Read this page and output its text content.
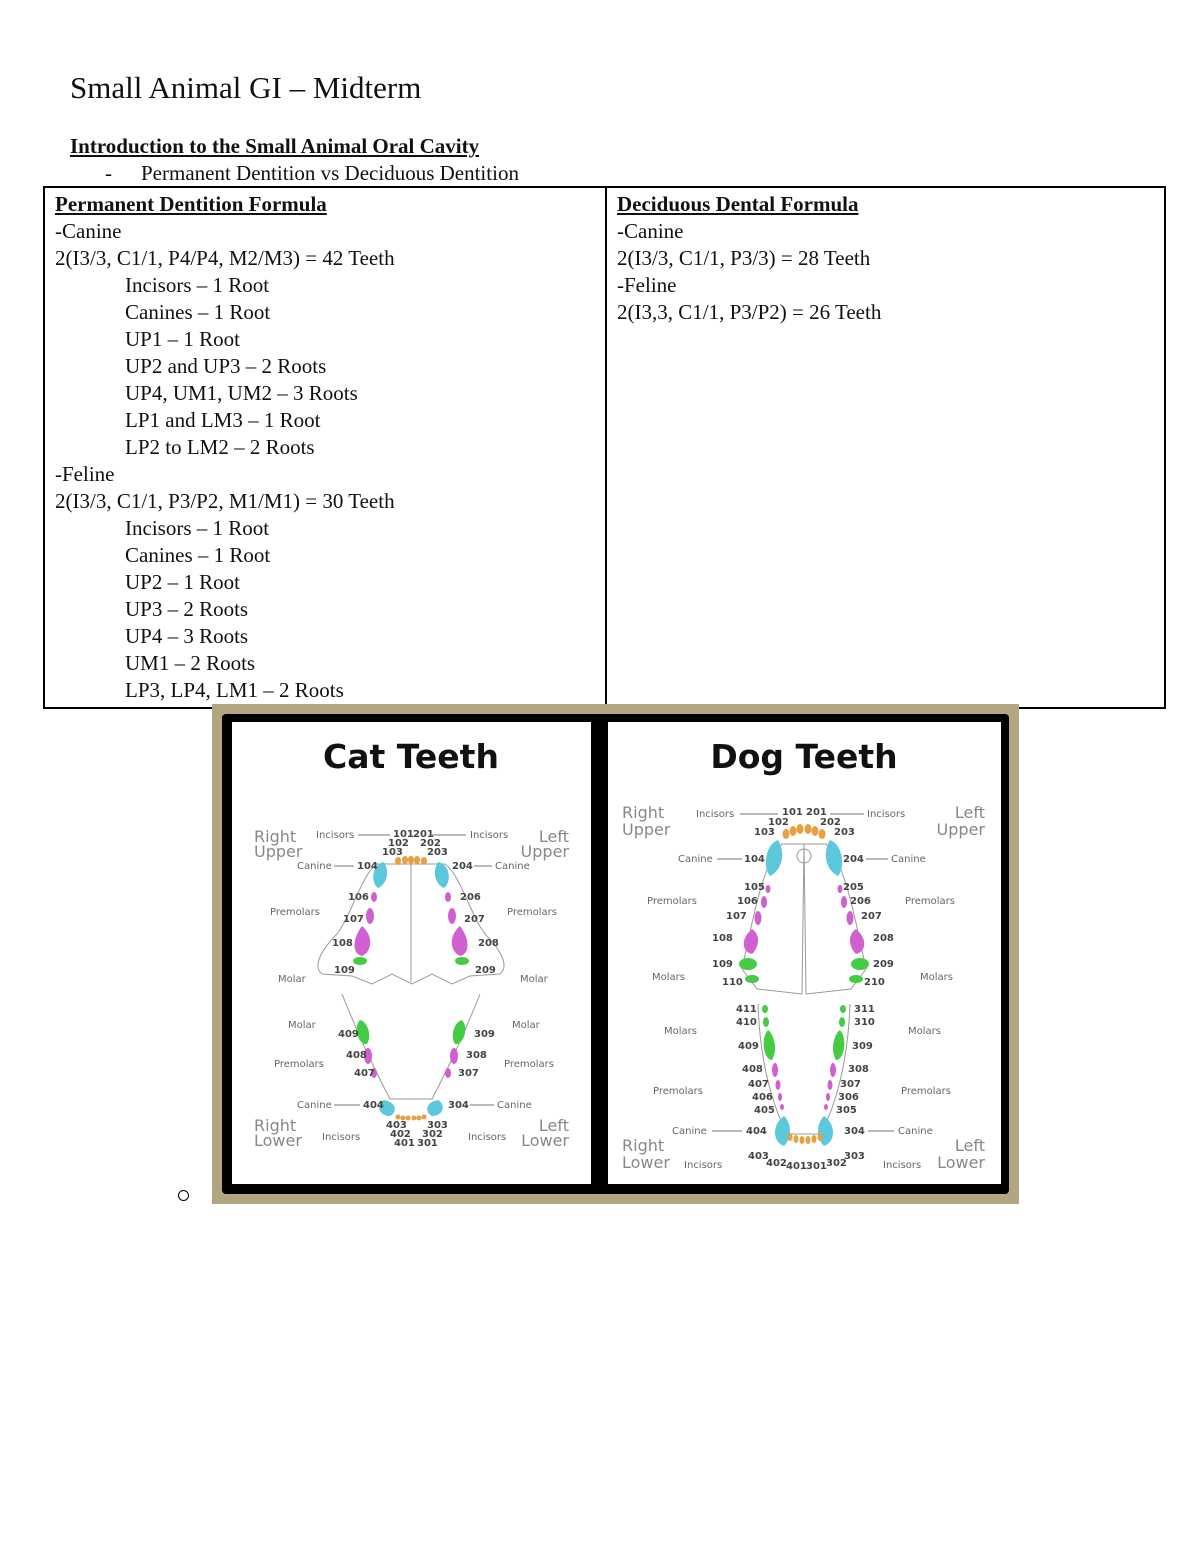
Small Animal GI – Midterm
Introduction to the Small Animal Oral Cavity
- Permanent Dentition vs Deciduous Dentition
Permanent Dentition Formula
-Canine
2(I3/3, C1/1, P4/P4, M2/M3) = 42 Teeth
Incisors – 1 Root
Canines – 1 Root
UP1 – 1 Root
UP2 and UP3 – 2 Roots
UP4, UM1, UM2 – 3 Roots
LP1 and LM3 – 1 Root
LP2 to LM2 – 2 Roots
-Feline
2(I3/3, C1/1, P3/P2, M1/M1) = 30 Teeth
Incisors – 1 Root
Canines – 1 Root
UP2 – 1 Root
UP3 – 2 Roots
UP4 – 3 Roots
UM1 – 2 Roots
LP3, LP4, LM1 – 2 Roots

Deciduous Dental Formula
-Canine
2(I3/3, C1/1, P3/3) = 28 Teeth
-Feline
2(I3,3, C1/1, P3/P2) = 26 Teeth
Cat Teeth
Right
Upper
Left
Upper
Right
Lower
Left
Lower
Incisors	Incisors
101
102
103
201
202
203
Canine	104	204 Canine
106
107
108
109
206
207
208
209
Premolars	Premolars
Molar	Molar
Molar	Molar
409
408
407
309
308
307
Premolars	Premolars
Canine	404	304	Canine
403
402
401
303
302
301
Incisors	Incisors
Dog Teeth
Right
Upper
Left
Upper
Right
Lower
Left
Lower
Incisors	Incisors
101
102
103
201
202
203
Canine	104	204	Canine
105
106
107
108
109
110
205
206
207
208
209
210
Premolars	Premolars
Molars	Molars
411
410
409
408
407
406
405
311
310
309
308
307
306
305
Molars	Molars
Premolars	Premolars
Canine	404	304	Canine
403
402 401 301 302
303
Incisors	Incisors
